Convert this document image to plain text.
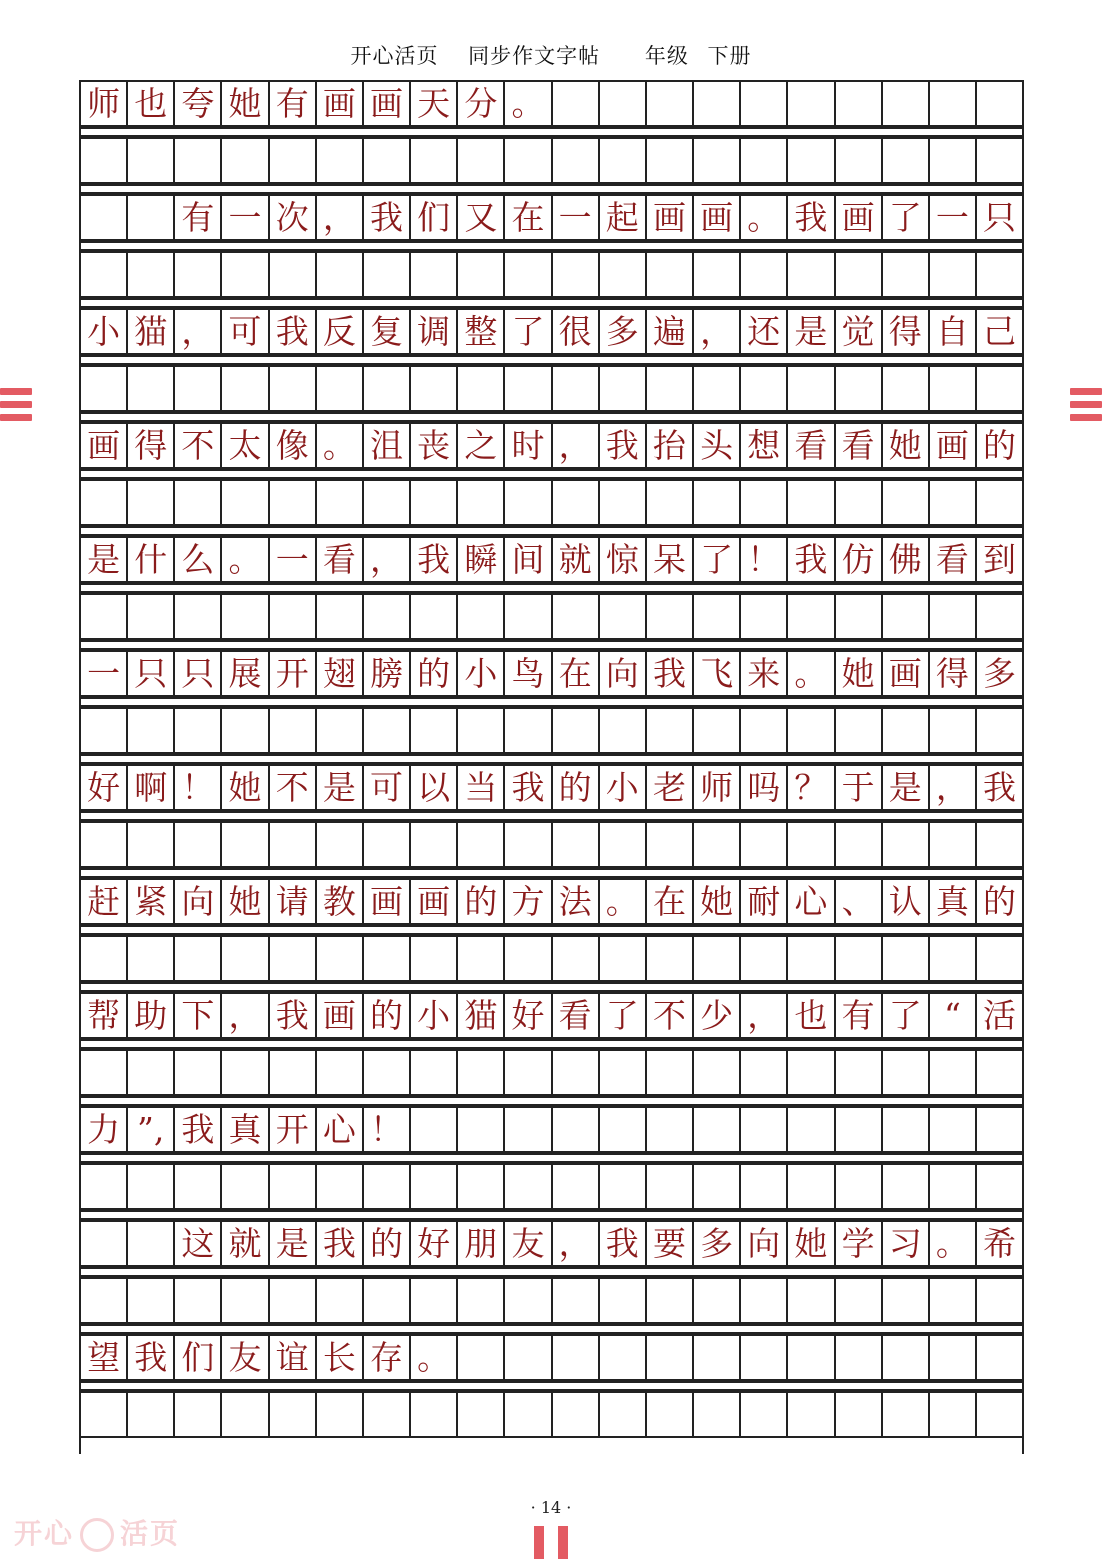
开心活页 同步作文字帖 年级 下册
师 也 夸 她 有 画 画 天 分 。
有 一 次 ， 我 们 又 在 一 起 画 画 。 我 画 了 一 只
小 猫 ， 可 我 反 复 调 整 了 很 多 遍 ， 还 是 觉 得 自 己
画 得 不 太 像 。 沮 丧 之 时 ， 我 抬 头 想 看 看 她 画 的
是 什 么 。 一 看 ， 我 瞬 间 就 惊 呆 了 ！ 我 仿 佛 看 到
一 只 只 展 开 翅 膀 的 小 鸟 在 向 我 飞 来 。 她 画 得 多
好 啊 ！ 她 不 是 可 以 当 我 的 小 老 师 吗 ？ 于 是 ， 我
赶 紧 向 她 请 教 画 画 的 方 法 。 在 她 耐 心 、 认 真 的
帮 助 下 ， 我 画 的 小 猫 好 看 了 不 少 ， 也 有 了 “ 活
力 ”, 我 真 开 心 ！
这 就 是 我 的 好 朋 友 ， 我 要 多 向 她 学 习 。 希
望 我 们 友 谊 长 存 。
· 14 ·
开心 活页
